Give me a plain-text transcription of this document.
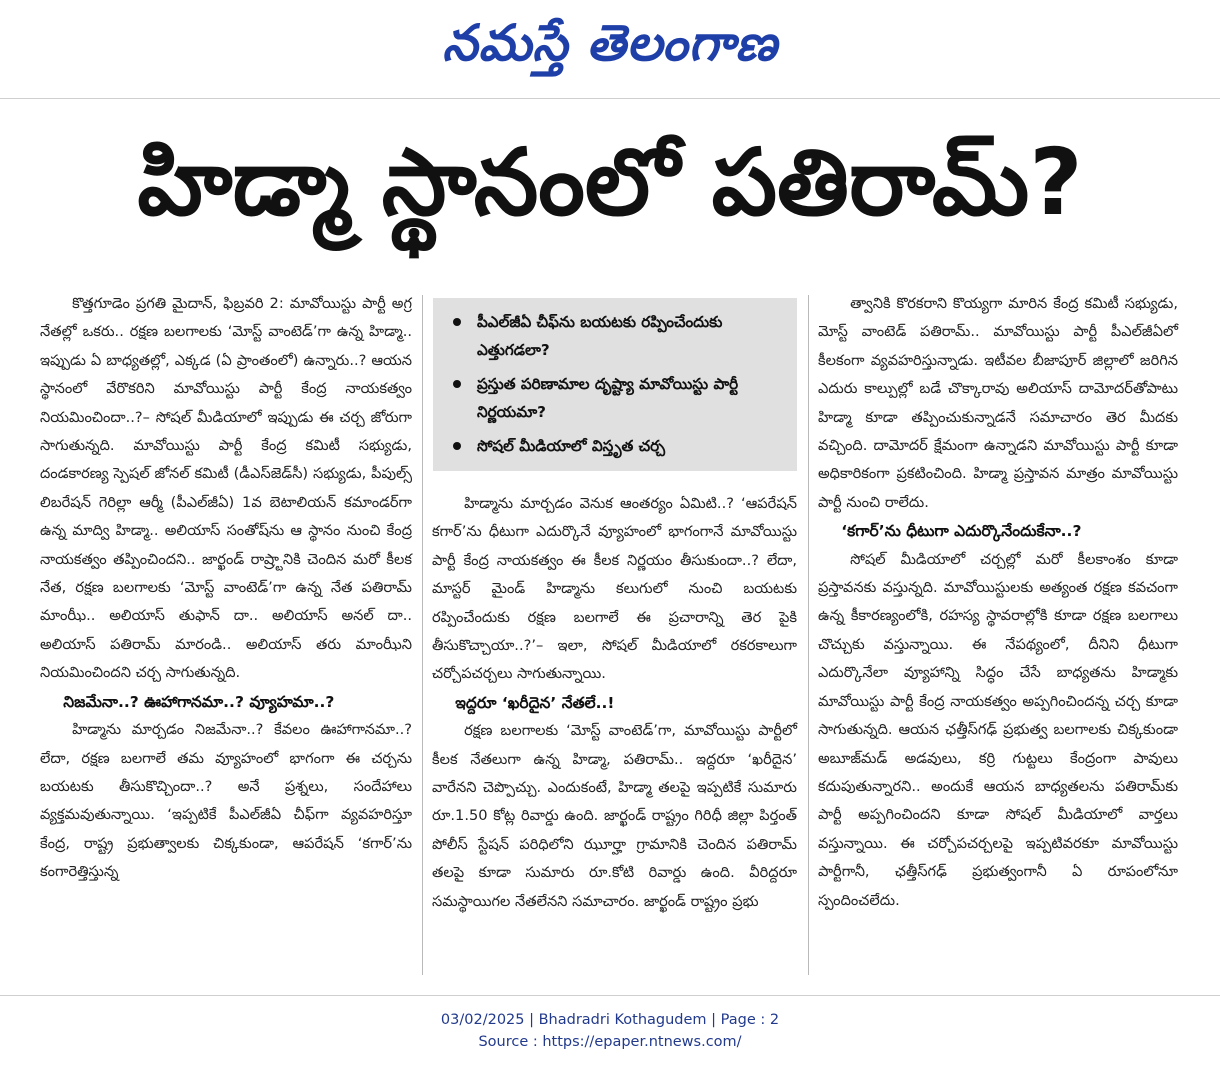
నమస్తే తెలంగాణ
హిడ్మా స్థానంలో పతిరామ్‌?

కొత్తగూడెం ప్రగతి మైదాన్‌, ఫిబ్రవరి 2: మావోయిస్టు పార్టీ అగ్ర నేతల్లో ఒకరు.. రక్షణ బలగాలకు ‘మోస్ట్‌ వాంటెడ్‌’గా ఉన్న హిడ్మా.. ఇప్పుడు ఏ బాధ్యతల్లో, ఎక్కడ (ఏ ప్రాంతంలో) ఉన్నారు..? ఆయన స్థానంలో వేరొకరిని మావోయిస్టు పార్టీ కేంద్ర నాయకత్వం నియమించిందా..?– సోషల్‌ మీడియాలో ఇప్పుడు ఈ చర్చ జోరుగా సాగుతున్నది. మావోయిస్టు పార్టీ కేంద్ర కమిటీ సభ్యుడు, దండకారణ్య స్పెషల్‌ జోనల్‌ కమిటీ (డీఎస్‌జెడ్‌సీ) సభ్యుడు, పీపుల్స్‌ లిబరేషన్‌ గెరిల్లా ఆర్మీ (పీఎల్‌జీఏ) 1వ బెటాలియన్‌ కమాండర్‌గా ఉన్న మాద్వి హిడ్మా.. అలియాస్‌ సంతోష్‌ను ఆ స్థానం నుంచి కేంద్ర నాయకత్వం తప్పించిందని.. జార్ఖండ్‌ రాష్ర్టానికి చెందిన మరో కీలక నేత, రక్షణ బలగాలకు ‘మోస్ట్‌ వాంటెడ్‌’గా ఉన్న నేత పతిరామ్‌ మాంఝీ.. అలియాస్‌ తుఫాన్‌ దా.. అలియాస్‌ అనల్‌ దా.. అలియాస్‌ పతిరామ్‌ మారండి.. అలియాస్‌ తరు మాంఝీని నియమించిందని చర్చ సాగుతున్నది.

నిజమేనా..? ఊహాగానమా..? వ్యూహమా..?

హిడ్మాను మార్చడం నిజమేనా..? కేవలం ఊహాగానమా..? లేదా, రక్షణ బలగాలే తమ వ్యూహంలో భాగంగా ఈ చర్చను బయటకు తీసుకొచ్చిందా..? అనే ప్రశ్నలు, సందేహాలు వ్యక్తమవుతున్నాయి. ‘ఇప్పటికే పీఎల్‌జీఏ చీఫ్‌గా వ్యవహరిస్తూ కేంద్ర, రాష్ట్ర ప్రభుత్వాలకు చిక్కకుండా, ఆపరేషన్‌ ‘కగార్‌’ను కంగారెత్తిస్తున్న

పీఎల్‌జీఏ చీఫ్‌ను బయటకు రప్పించేందుకు ఎత్తుగడలా?
ప్రస్తుత పరిణామాల దృష్ట్యా మావోయిస్టు పార్టీ నిర్ణయమా?
సోషల్‌ మీడియాలో విస్తృత చర్చ

హిడ్మాను మార్చడం వెనుక ఆంతర్యం ఏమిటి..? ‘ఆపరేషన్‌ కగార్‌’ను ధీటుగా ఎదుర్కొనే వ్యూహంలో భాగంగానే మావోయిస్టు పార్టీ కేంద్ర నాయకత్వం ఈ కీలక నిర్ణయం తీసుకుందా..? లేదా, మాస్టర్‌ మైండ్‌ హిడ్మాను కలుగులో నుంచి బయటకు రప్పించేందుకు రక్షణ బలగాలే ఈ ప్రచారాన్ని తెర పైకి తీసుకొచ్చాయా..?’– ఇలా, సోషల్‌ మీడియాలో రకరకాలుగా చర్చోపచర్చలు సాగుతున్నాయి.

ఇద్దరూ ‘ఖరీదైన’ నేతలే..!

రక్షణ బలగాలకు ‘మోస్ట్‌ వాంటెడ్‌’గా, మావోయిస్టు పార్టీలో కీలక నేతలుగా ఉన్న హిడ్మా, పతిరామ్‌.. ఇద్దరూ ‘ఖరీదైన’ వారేనని చెప్పొచ్చు. ఎందుకంటే, హిడ్మా తలపై ఇప్పటికే సుమారు రూ.1.50 కోట్ల రివార్డు ఉంది. జార్ఖండ్‌ రాష్ట్రం గిరిధీ జిల్లా పిర్తంత్‌ పోలీస్‌ స్టేషన్‌ పరిధిలోని ఝూర్హా గ్రామానికి చెందిన పతిరామ్‌ తలపై కూడా సుమారు రూ.కోటి రివార్డు ఉంది. వీరిద్దరూ సమస్థాయిగల నేతలేనని సమాచారం. జార్ఖండ్‌ రాష్ట్రం ప్రభు

త్వానికి కొరకరాని కొయ్యగా మారిన కేంద్ర కమిటీ సభ్యుడు, మోస్ట్‌ వాంటెడ్‌ పతిరామ్‌.. మావోయిస్టు పార్టీ పీఎల్‌జీఏలో కీలకంగా వ్యవహరిస్తున్నాడు. ఇటీవల బీజాపూర్‌ జిల్లాలో జరిగిన ఎదురు కాల్పుల్లో బడే చొక్కారావు అలియాస్‌ దామోదర్‌తోపాటు హిడ్మా కూడా తప్పించుకున్నాడనే సమాచారం తెర మీదకు వచ్చింది. దామోదర్‌ క్షేమంగా ఉన్నాడని మావోయిస్టు పార్టీ కూడా అధికారికంగా ప్రకటించింది. హిడ్మా ప్రస్తావన మాత్రం మావోయిస్టు పార్టీ నుంచి రాలేదు.

‘కగార్‌’ను ధీటుగా ఎదుర్కొనేందుకేనా..?

సోషల్‌ మీడియాలో చర్చల్లో మరో కీలకాంశం కూడా ప్రస్తావనకు వస్తున్నది. మావోయిస్టులకు అత్యంత రక్షణ కవచంగా ఉన్న కీకారణ్యంలోకి, రహస్య స్థావరాల్లోకి కూడా రక్షణ బలగాలు చొచ్చుకు వస్తున్నాయి. ఈ నేపథ్యంలో, దీనిని ధీటుగా ఎదుర్కొనేలా వ్యూహాన్ని సిద్ధం చేసే బాధ్యతను హిడ్మాకు మావోయిస్టు పార్టీ కేంద్ర నాయకత్వం అప్పగించిందన్న చర్చ కూడా సాగుతున్నది. ఆయన ఛత్తీస్‌గఢ్‌ ప్రభుత్వ బలగాలకు చిక్కకుండా అబూజ్‌మడ్‌ అడవులు, కర్రి గుట్టలు కేంద్రంగా పావులు కదుపుతున్నారని.. అందుకే ఆయన బాధ్యతలను పతిరామ్‌కు పార్టీ అప్పగించిందని కూడా సోషల్‌ మీడియాలో వార్తలు వస్తున్నాయి. ఈ చర్చోపచర్చలపై ఇప్పటివరకూ మావోయిస్టు పార్టీగానీ, ఛత్తీస్‌గఢ్‌ ప్రభుత్వంగానీ ఏ రూపంలోనూ స్పందించలేదు.

03/02/2025 | Bhadradri Kothagudem | Page : 2
Source : https://epaper.ntnews.com/
